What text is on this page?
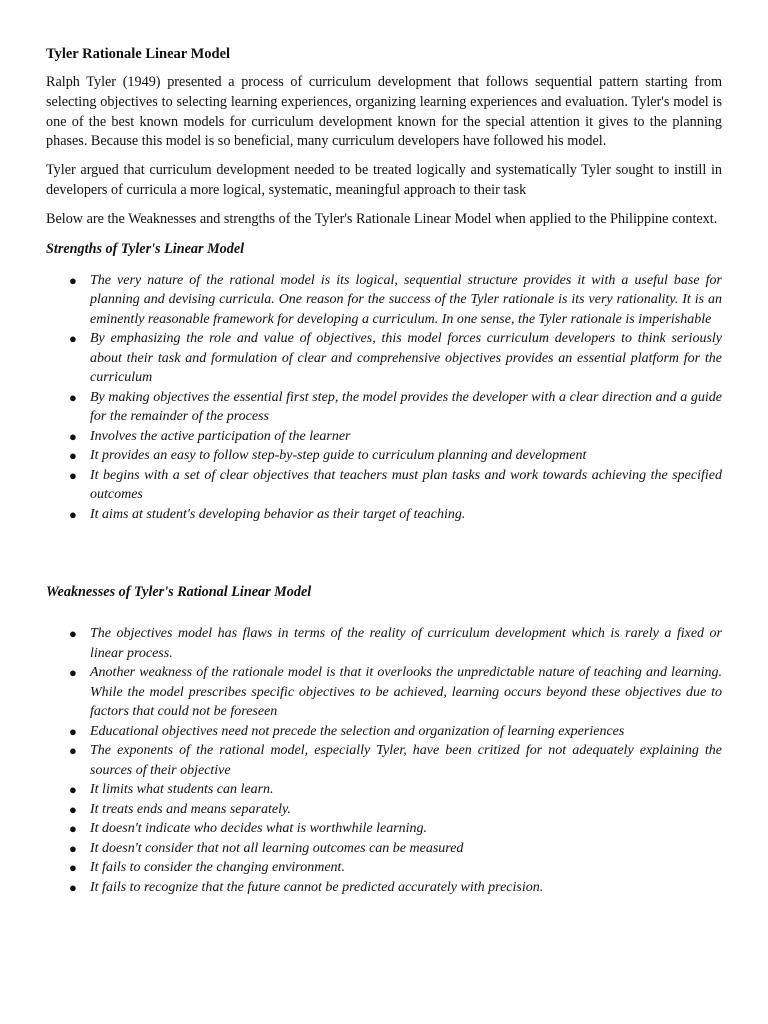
Tyler Rationale Linear Model

Ralph Tyler (1949) presented a process of curriculum development that follows sequential pattern starting from selecting objectives to selecting learning experiences, organizing learning experiences and evaluation. Tyler's model is one of the best known models for curriculum development known for the special attention it gives to the planning phases. Because this model is so beneficial, many curriculum developers have followed his model.

Tyler argued that curriculum development needed to be treated logically and systematically Tyler sought to instill in developers of curricula a more logical, systematic, meaningful approach to their task

Below are the Weaknesses and strengths of the Tyler's Rationale Linear Model when applied to the Philippine context.

Strengths of Tyler's Linear Model
● The very nature of the rational model is its logical, sequential structure provides it with a useful base for planning and devising curricula. One reason for the success of the Tyler rationale is its very rationality. It is an eminently reasonable framework for developing a curriculum. In one sense, the Tyler rationale is imperishable
● By emphasizing the role and value of objectives, this model forces curriculum developers to think seriously about their task and formulation of clear and comprehensive objectives provides an essential platform for the curriculum
● By making objectives the essential first step, the model provides the developer with a clear direction and a guide for the remainder of the process
● Involves the active participation of the learner
● It provides an easy to follow step-by-step guide to curriculum planning and development
● It begins with a set of clear objectives that teachers must plan tasks and work towards achieving the specified outcomes
● It aims at student's developing behavior as their target of teaching.
Weaknesses of Tyler's Rational Linear Model
● The objectives model has flaws in terms of the reality of curriculum development which is rarely a fixed or linear process.
● Another weakness of the rationale model is that it overlooks the unpredictable nature of teaching and learning. While the model prescribes specific objectives to be achieved, learning occurs beyond these objectives due to factors that could not be foreseen
● Educational objectives need not precede the selection and organization of learning experiences
● The exponents of the rational model, especially Tyler, have been critized for not adequately explaining the sources of their objective
● It limits what students can learn.
● It treats ends and means separately.
● It doesn't indicate who decides what is worthwhile learning.
● It doesn't consider that not all learning outcomes can be measured
● It fails to consider the changing environment.
● It fails to recognize that the future cannot be predicted accurately with precision.
